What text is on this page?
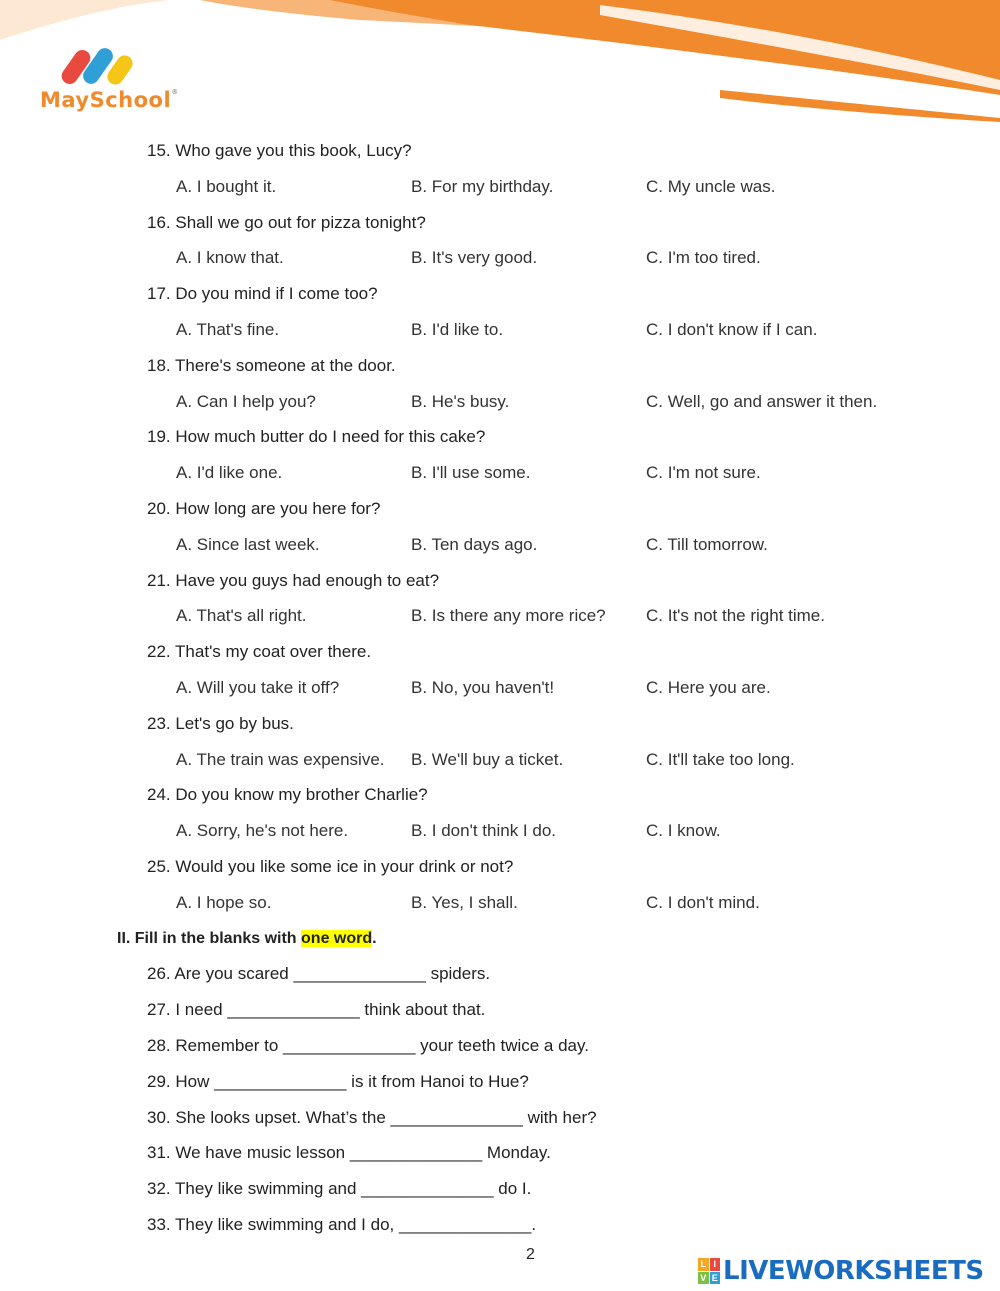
MaySchool®
15. Who gave you this book, Lucy?
A. I bought it.	B. For my birthday.	C. My uncle was.
16. Shall we go out for pizza tonight?
A. I know that.	B. It's very good.	C. I'm too tired.
17. Do you mind if I come too?
A. That's fine.	B. I'd like to.	C. I don't know if I can.
18. There's someone at the door.
A. Can I help you?	B. He's busy.	C. Well, go and answer it then.
19. How much butter do I need for this cake?
A. I'd like one.	B. I'll use some.	C. I'm not sure.
20. How long are you here for?
A. Since last week.	B. Ten days ago.	C. Till tomorrow.
21. Have you guys had enough to eat?
A. That's all right.	B. Is there any more rice? C. It's not the right time.
22. That's my coat over there.
A. Will you take it off?	B. No, you haven't!	C. Here you are.
23. Let's go by bus.
A. The train was expensive. B. We'll buy a ticket.	C. It'll take too long.
24. Do you know my brother Charlie?
A. Sorry, he's not here.	B. I don't think I do.	C. I know.
25. Would you like some ice in your drink or not?
A. I hope so.	B. Yes, I shall.	C. I don't mind.
II. Fill in the blanks with one word.
26. Are you scared ______________ spiders.
27. I need ______________ think about that.
28. Remember to ______________ your teeth twice a day.
29. How ______________ is it from Hanoi to Hue?
30. She looks upset. What’s the ______________ with her?
31. We have music lesson ______________ Monday.
32. They like swimming and ______________ do I.
33. They like swimming and I do, ______________.
2
L I
V E LIVEWORKSHEETS
